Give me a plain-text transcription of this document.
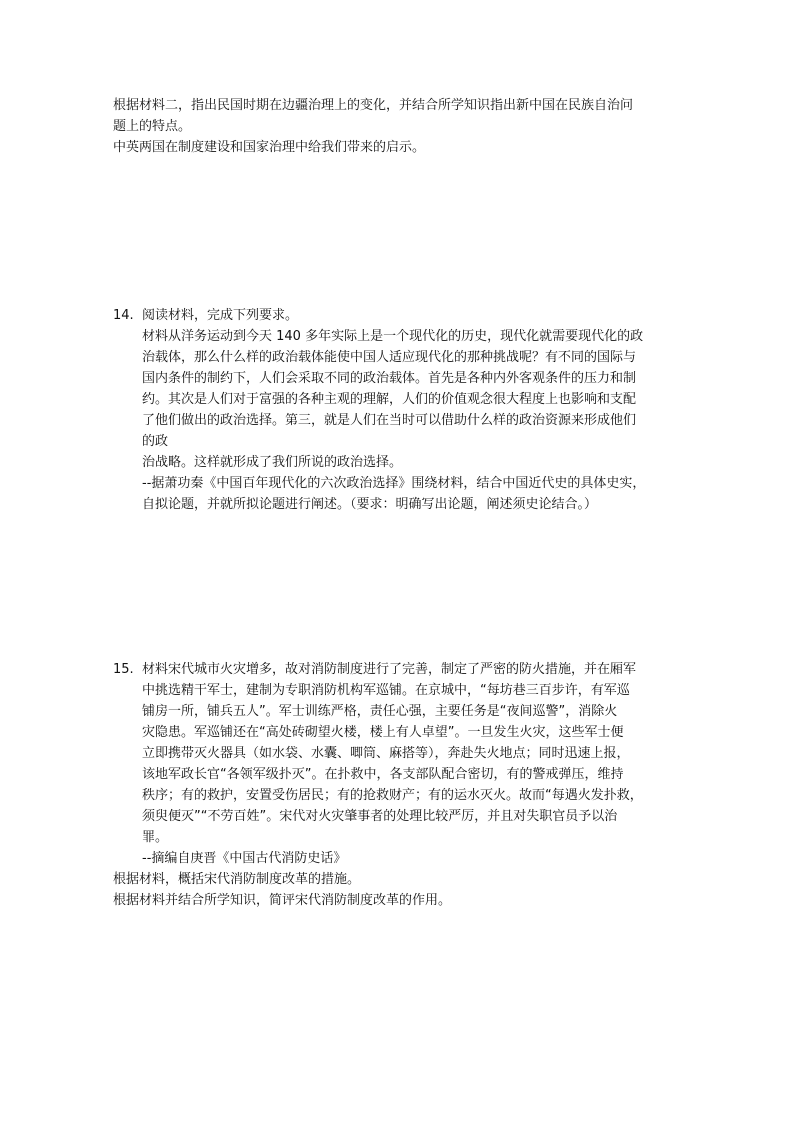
根据材料二，指出民国时期在边疆治理上的变化，并结合所学知识指出新中国在民族自治问
题上的特点。
中英两国在制度建设和国家治理中给我们带来的启示。
14. 阅读材料，完成下列要求。
材料从洋务运动到今天 140 多年实际上是一个现代化的历史，现代化就需要现代化的政
治载体，那么什么样的政治载体能使中国人适应现代化的那种挑战呢？有不同的国际与
国内条件的制约下，人们会采取不同的政治载体。首先是各种内外客观条件的压力和制
约。其次是人们对于富强的各种主观的理解，人们的价值观念很大程度上也影响和支配
了他们做出的政治选择。第三，就是人们在当时可以借助什么样的政治资源来形成他们
的政
治战略。这样就形成了我们所说的政治选择。
--据萧功秦《中国百年现代化的六次政治选择》围绕材料，结合中国近代史的具体史实，
自拟论题，并就所拟论题进行阐述。（要求：明确写出论题，阐述须史论结合。）
15. 材料宋代城市火灾增多，故对消防制度进行了完善，制定了严密的防火措施，并在厢军
中挑选精干军士，建制为专职消防机构军巡铺。在京城中，“每坊巷三百步许，有军巡
铺房一所，铺兵五人”。军士训练严格，责任心强，主要任务是“夜间巡警”，消除火
灾隐患。军巡铺还在“高处砖砌望火楼，楼上有人卓望”。一旦发生火灾，这些军士便
立即携带灭火器具（如水袋、水囊、唧筒、麻搭等），奔赴失火地点；同时迅速上报，
该地军政长官“各领军级扑灭”。在扑救中，各支部队配合密切，有的警戒弹压，维持
秩序；有的救护，安置受伤居民；有的抢救财产；有的运水灭火。故而“每遇火发扑救，
须臾便灭”“不劳百姓”。宋代对火灾肇事者的处理比较严厉，并且对失职官员予以治
罪。
--摘编自庚晋《中国古代消防史话》
根据材料，概括宋代消防制度改革的措施。
根据材料并结合所学知识，简评宋代消防制度改革的作用。
